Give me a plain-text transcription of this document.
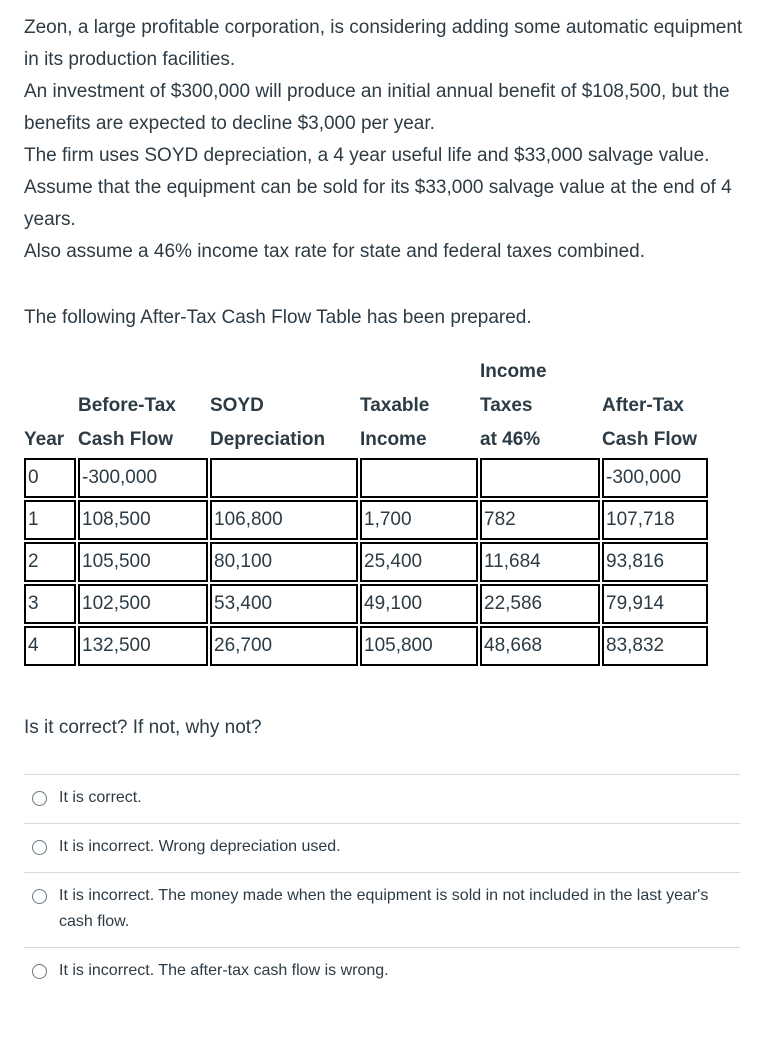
Zeon, a large profitable corporation, is considering adding some automatic equipment in its production facilities.

An investment of $300,000 will produce an initial annual benefit of $108,500, but the benefits are expected to decline $3,000 per year.

The firm uses SOYD depreciation, a 4 year useful life and $33,000 salvage value.

Assume that the equipment can be sold for its $33,000 salvage value at the end of 4 years.

Also assume a 46% income tax rate for state and federal taxes combined.

The following After-Tax Cash Flow Table has been prepared.
				Income	
	Before-Tax	SOYD	Taxable	Taxes	After-Tax
Year	Cash Flow	Depreciation	Income	at 46%	Cash Flow
0	-300,000				-300,000
1	108,500	106,800	1,700	782	107,718
2	105,500	80,100	25,400	11,684	93,816
3	102,500	53,400	49,100	22,586	79,914
4	132,500	26,700	105,800	48,668	83,832
Is it correct? If not, why not?
It is correct.
It is incorrect. Wrong depreciation used.
It is incorrect. The money made when the equipment is sold in not included in the last year's cash flow.
It is incorrect. The after-tax cash flow is wrong.
